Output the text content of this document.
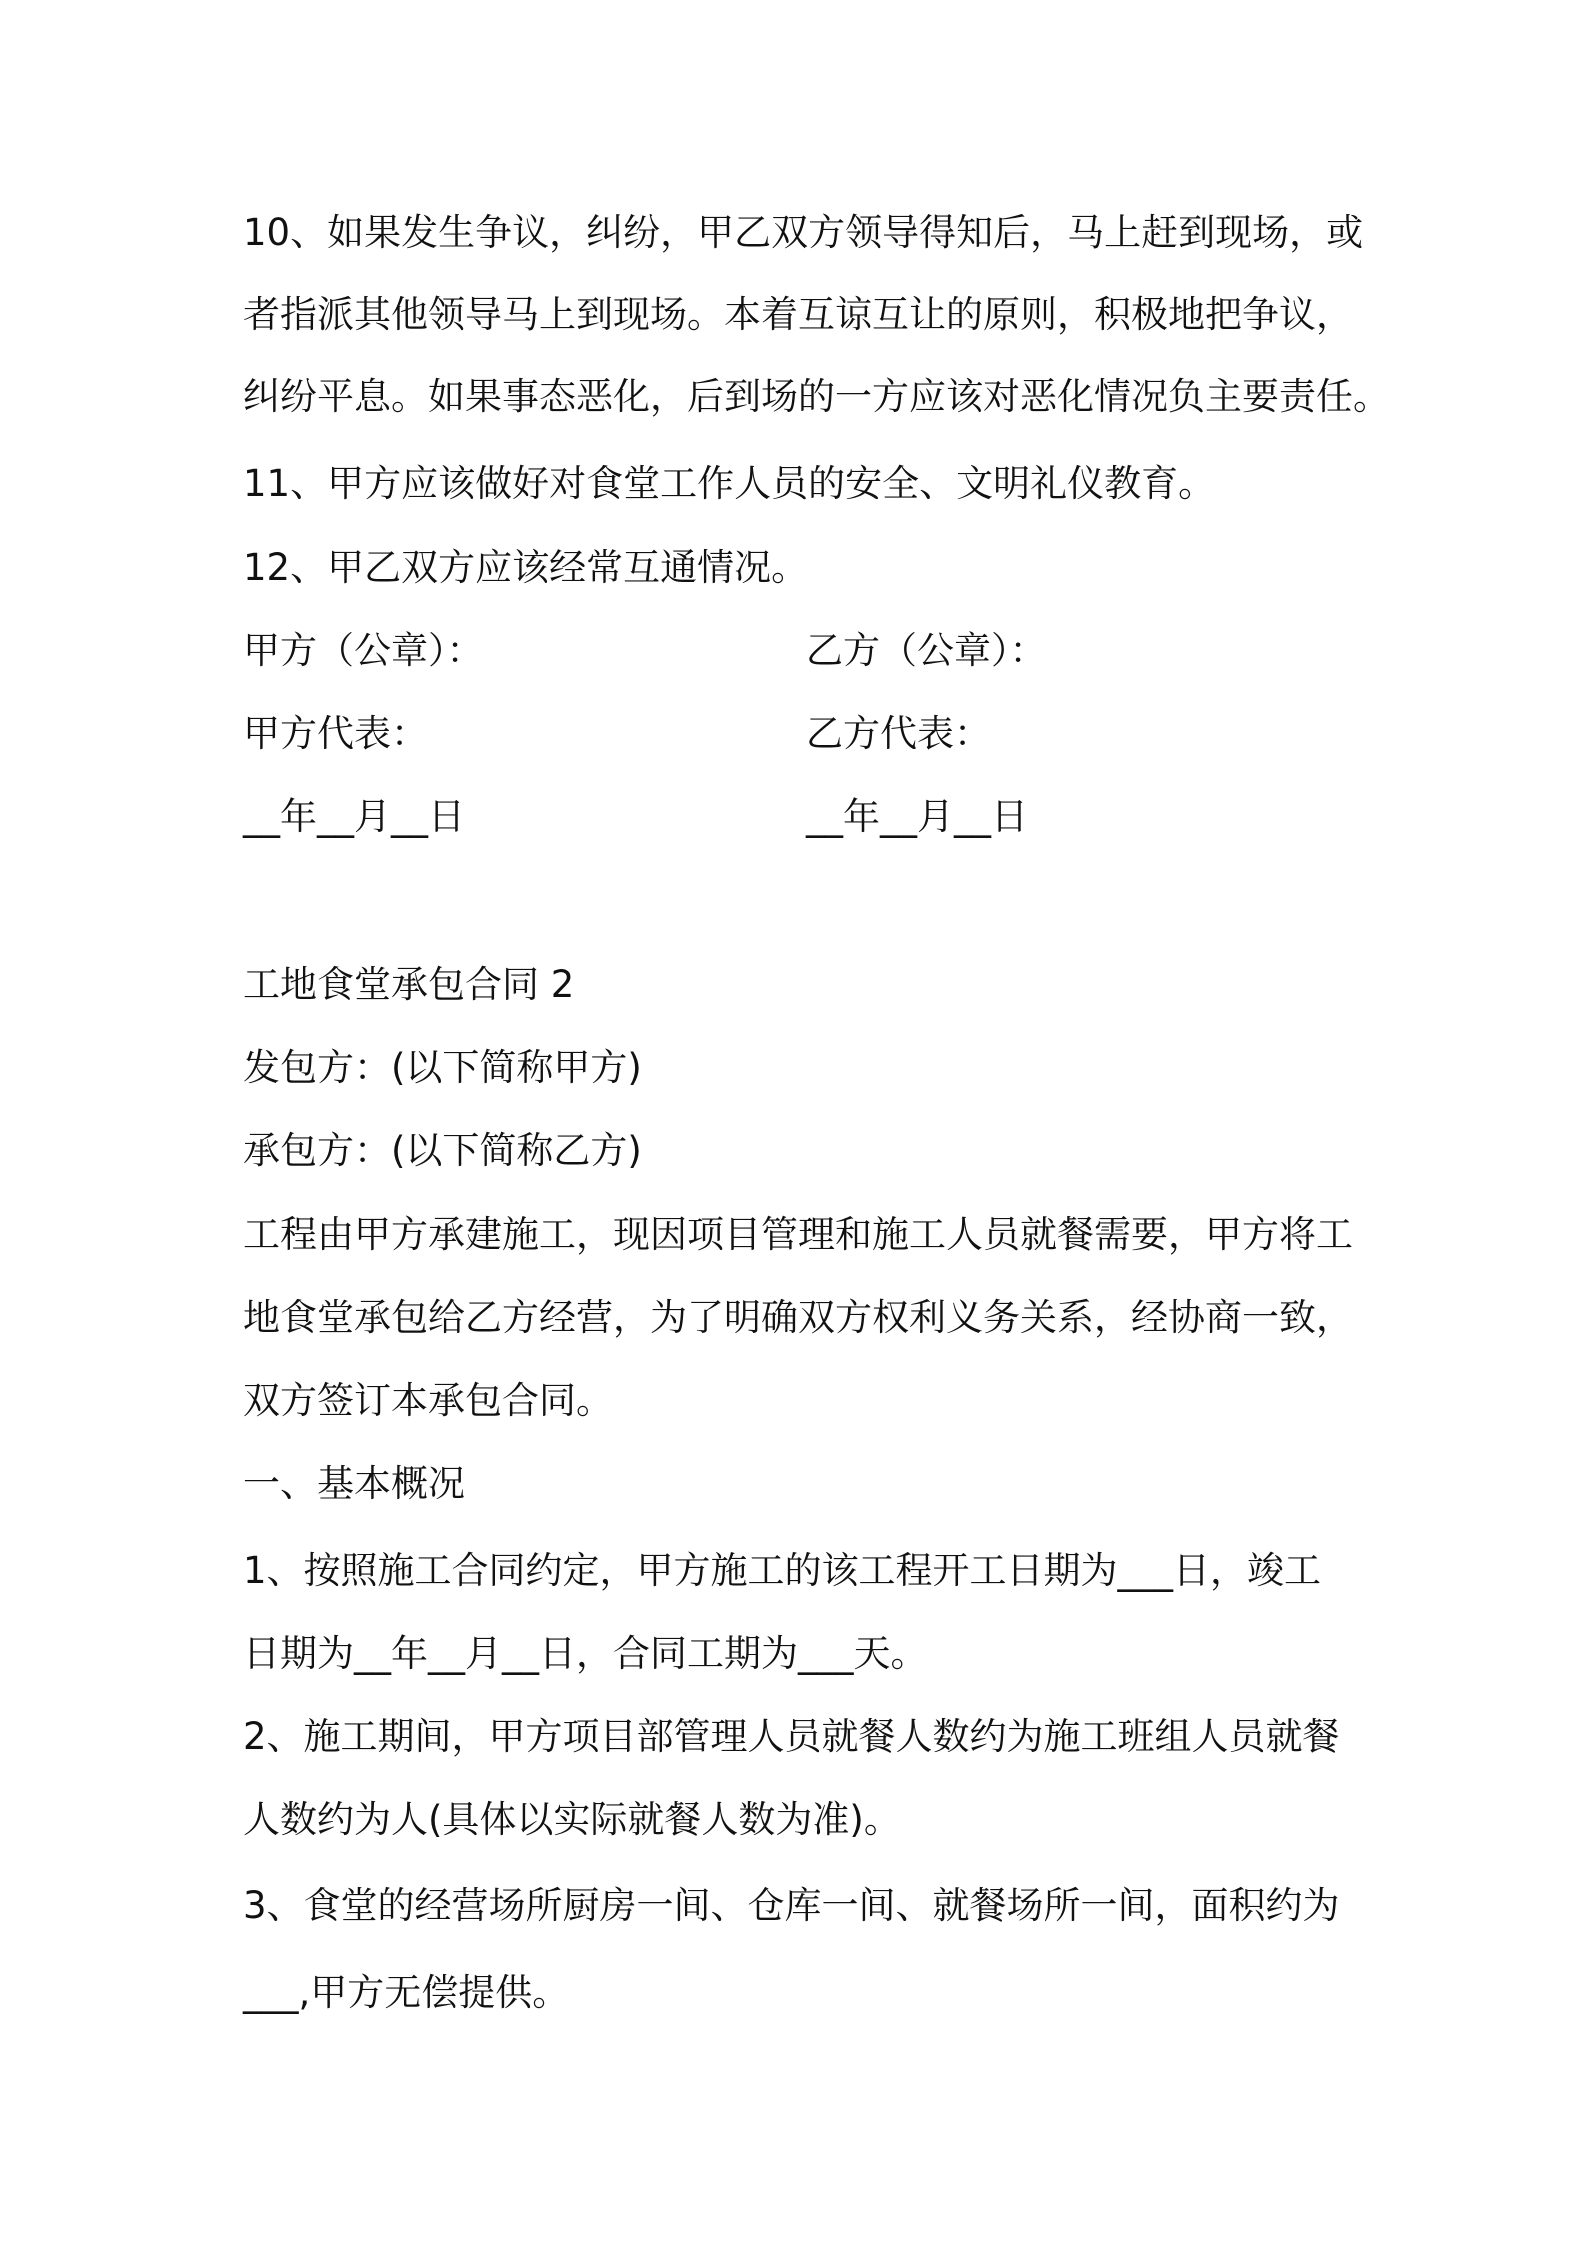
10、如果发生争议，纠纷，甲乙双方领导得知后，马上赶到现场，或
者指派其他领导马上到现场。本着互谅互让的原则，积极地把争议，
纠纷平息。如果事态恶化，后到场的一方应该对恶化情况负主要责任。
11、甲方应该做好对食堂工作人员的安全、文明礼仪教育。
12、甲乙双方应该经常互通情况。
甲方（公章）：	乙方（公章）：
甲方代表：	乙方代表：
__年__月__日	__年__月__日
工地食堂承包合同 2
发包方：(以下简称甲方)
承包方：(以下简称乙方)
工程由甲方承建施工，现因项目管理和施工人员就餐需要，甲方将工
地食堂承包给乙方经营，为了明确双方权利义务关系，经协商一致，
双方签订本承包合同。
一、基本概况
1、按照施工合同约定，甲方施工的该工程开工日期为___日，竣工
日期为__年__月__日，合同工期为___天。
2、施工期间，甲方项目部管理人员就餐人数约为施工班组人员就餐
人数约为人(具体以实际就餐人数为准)。
3、食堂的经营场所厨房一间、仓库一间、就餐场所一间，面积约为
___,甲方无偿提供。
